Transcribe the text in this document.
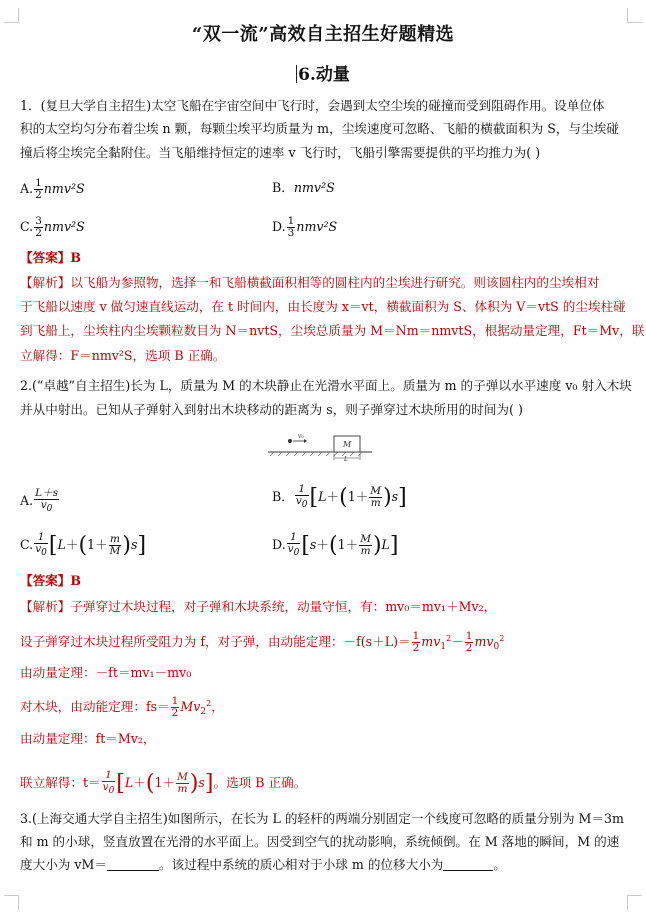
“双一流”高效自主招生好题精选
6.动量
1．(复旦大学自主招生)太空飞船在宇宙空间中飞行时，会遇到太空尘埃的碰撞而受到阻碍作用。设单位体
积的太空均匀分布着尘埃 n 颗，每颗尘埃平均质量为 m，尘埃速度可忽略、飞船的横截面积为 S，与尘埃碰
撞后将尘埃完全黏附住。当飞船维持恒定的速率 v 飞行时，飞船引擎需要提供的平均推力为( )
A. $\frac{1}{2} nmv^2S$	B．nmv²S
C. $\frac{3}{2} nmv^2S$	D. $\frac{1}{3} nmv^2S$
【答案】B
【解析】以飞船为参照物，选择一和飞船横截面积相等的圆柱内的尘埃进行研究。则该圆柱内的尘埃相对
于飞船以速度 v 做匀速直线运动，在 t 时间内，由长度为 x＝vt，横截面积为 S、体积为 V＝vtS 的尘埃柱碰
到飞船上，尘埃柱内尘埃颗粒数目为 N＝nvtS，尘埃总质量为 M＝Nm＝nmvtS，根据动量定理，Ft＝Mv，联
立解得：F＝nmv²S，选项 B 正确。
2.(“卓越”自主招生)长为 L，质量为 M 的木块静止在光滑水平面上。质量为 m 的子弹以水平速度 v₀ 射入木块
并从中射出。已知从子弹射入到射出木块移动的距离为 s，则子弹穿过木块所用的时间为( )
v₀
M
L
A. $\frac{L+s}{v0}$	B． $\frac{1}{v0} [L+(1+ \frac{M}{m} )s]$
C. $\frac{1}{v0} [L+(1+ \frac{m}{M} )s]$	D. $\frac{1}{v0} [s+(1+ \frac{M}{m} )L]$
【答案】B
【解析】子弹穿过木块过程，对子弹和木块系统，动量守恒，有：mv₀＝mv₁＋Mv₂，
设子弹穿过木块过程所受阻力为 f，对子弹，由动能定理：$-f(s+L)= \frac{1}{2} mv_1^2- \frac{1}{2} mv_0^2$
由动量定理：－ft＝mv₁－mv₀
对木块，由动能定理：$fs= \frac{1}{2} Mv_2^2$，
由动量定理：ft＝Mv₂，
联立解得：$t= \frac{1}{v0} [L+(1+ \frac{M}{m} )s]$。选项 B 正确。
3.(上海交通大学自主招生)如图所示，在长为 L 的轻杆的两端分别固定一个线度可忽略的质量分别为 M＝3m
和 m 的小球，竖直放置在光滑的水平面上。因受到空气的扰动影响，系统倾倒。在 M 落地的瞬间，M 的速
度大小为 vM＝	。该过程中系统的质心相对于小球 m 的位移大小为	。
